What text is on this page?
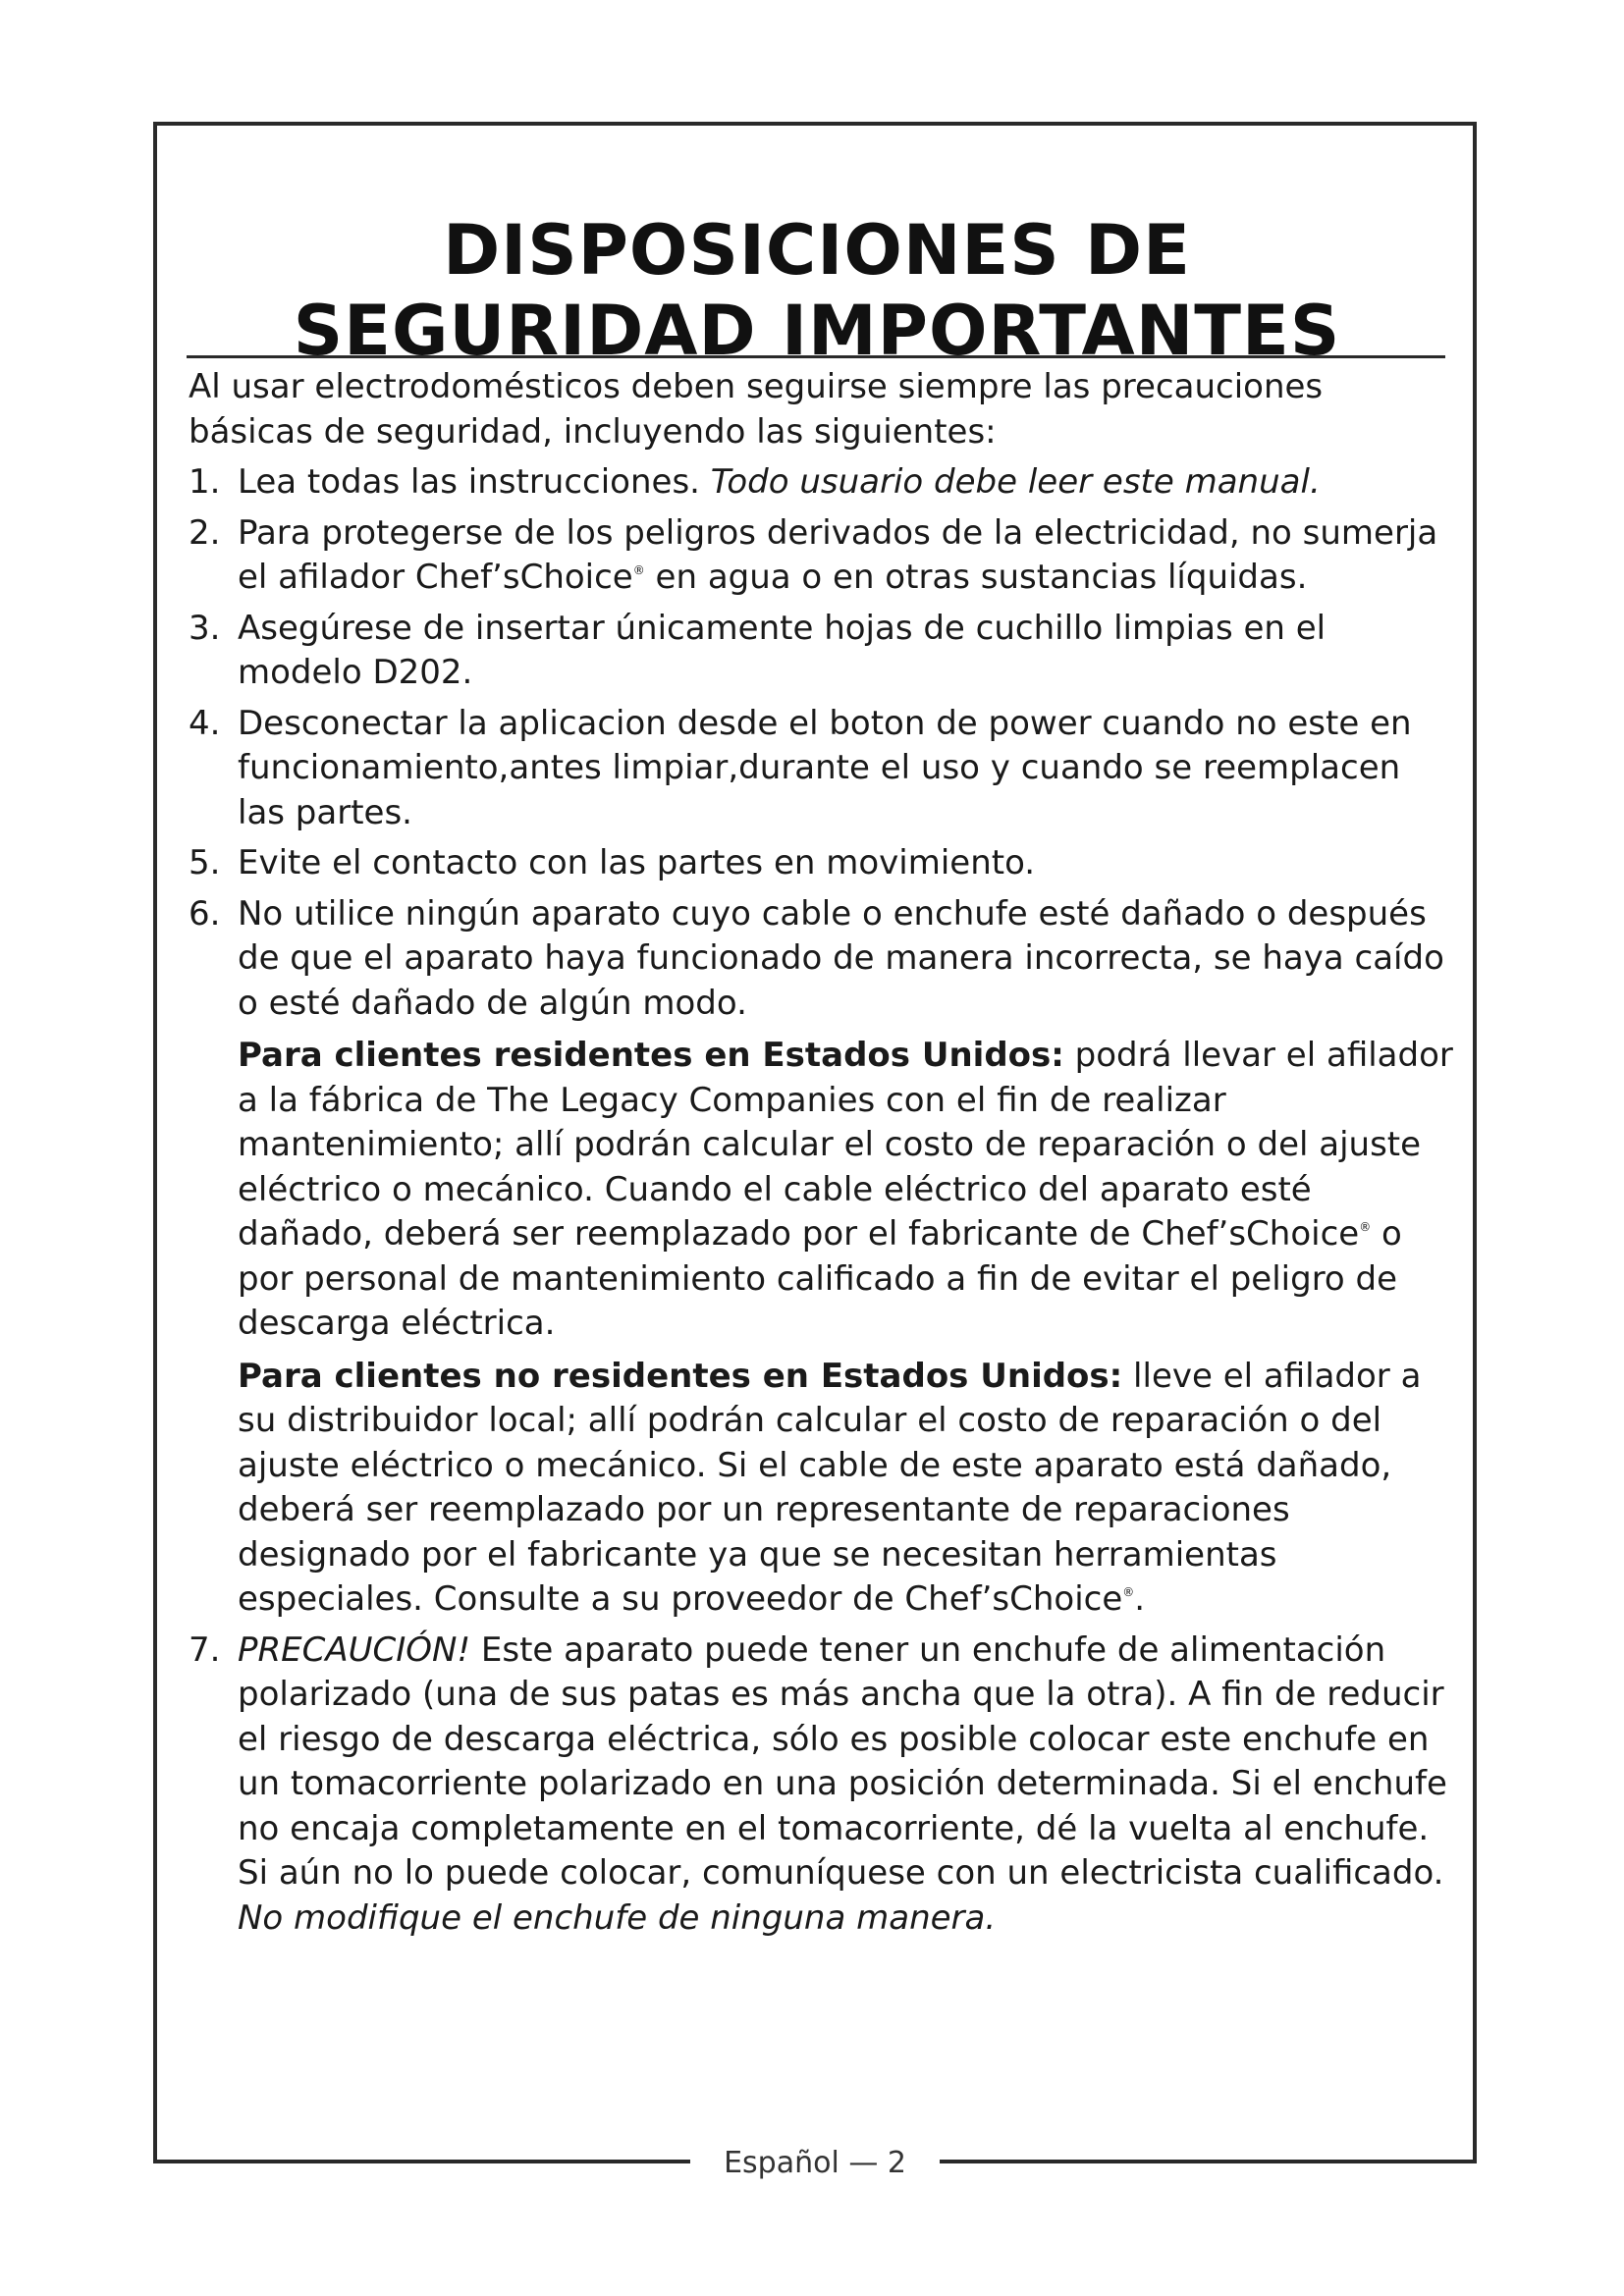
DISPOSICIONES DE
SEGURIDAD IMPORTANTES

Al usar electrodomésticos deben seguirse siempre las precauciones básicas de seguridad, incluyendo las siguientes:

1. Lea todas las instrucciones. Todo usuario debe leer este manual.
2. Para protegerse de los peligros derivados de la electricidad, no sumerja el afilador Chef’sChoice® en agua o en otras sustancias líquidas.
3. Asegúrese de insertar únicamente hojas de cuchillo limpias en el modelo D202.
4. Desconectar la aplicacion desde el boton de power cuando no este en funcionamiento,antes limpiar,durante el uso y cuando se reemplacen las partes.
5. Evite el contacto con las partes en movimiento.
6. No utilice ningún aparato cuyo cable o enchufe esté dañado o después de que el aparato haya funcionado de manera incorrecta, se haya caído o esté dañado de algún modo.

Para clientes residentes en Estados Unidos: podrá llevar el afilador a la fábrica de The Legacy Companies con el fin de realizar mantenimiento; allí podrán calcular el costo de reparación o del ajuste eléctrico o mecánico. Cuando el cable eléctrico del aparato esté dañado, deberá ser reemplazado por el fabricante de Chef’sChoice® o por personal de mantenimiento calificado a fin de evitar el peligro de descarga eléctrica.

Para clientes no residentes en Estados Unidos: lleve el afilador a su distribuidor local; allí podrán calcular el costo de reparación o del ajuste eléctrico o mecánico. Si el cable de este aparato está dañado, deberá ser reemplazado por un representante de reparaciones designado por el fabricante ya que se necesitan herramientas especiales. Consulte a su proveedor de Chef’sChoice®.

7. PRECAUCIÓN! Este aparato puede tener un enchufe de alimentación polarizado (una de sus patas es más ancha que la otra). A fin de reducir el riesgo de descarga eléctrica, sólo es posible colocar este enchufe en un tomacorriente polarizado en una posición determinada. Si el enchufe no encaja completamente en el tomacorriente, dé la vuelta al enchufe. Si aún no lo puede colocar, comuníquese con un electricista cualificado. No modifique el enchufe de ninguna manera.
Español — 2
